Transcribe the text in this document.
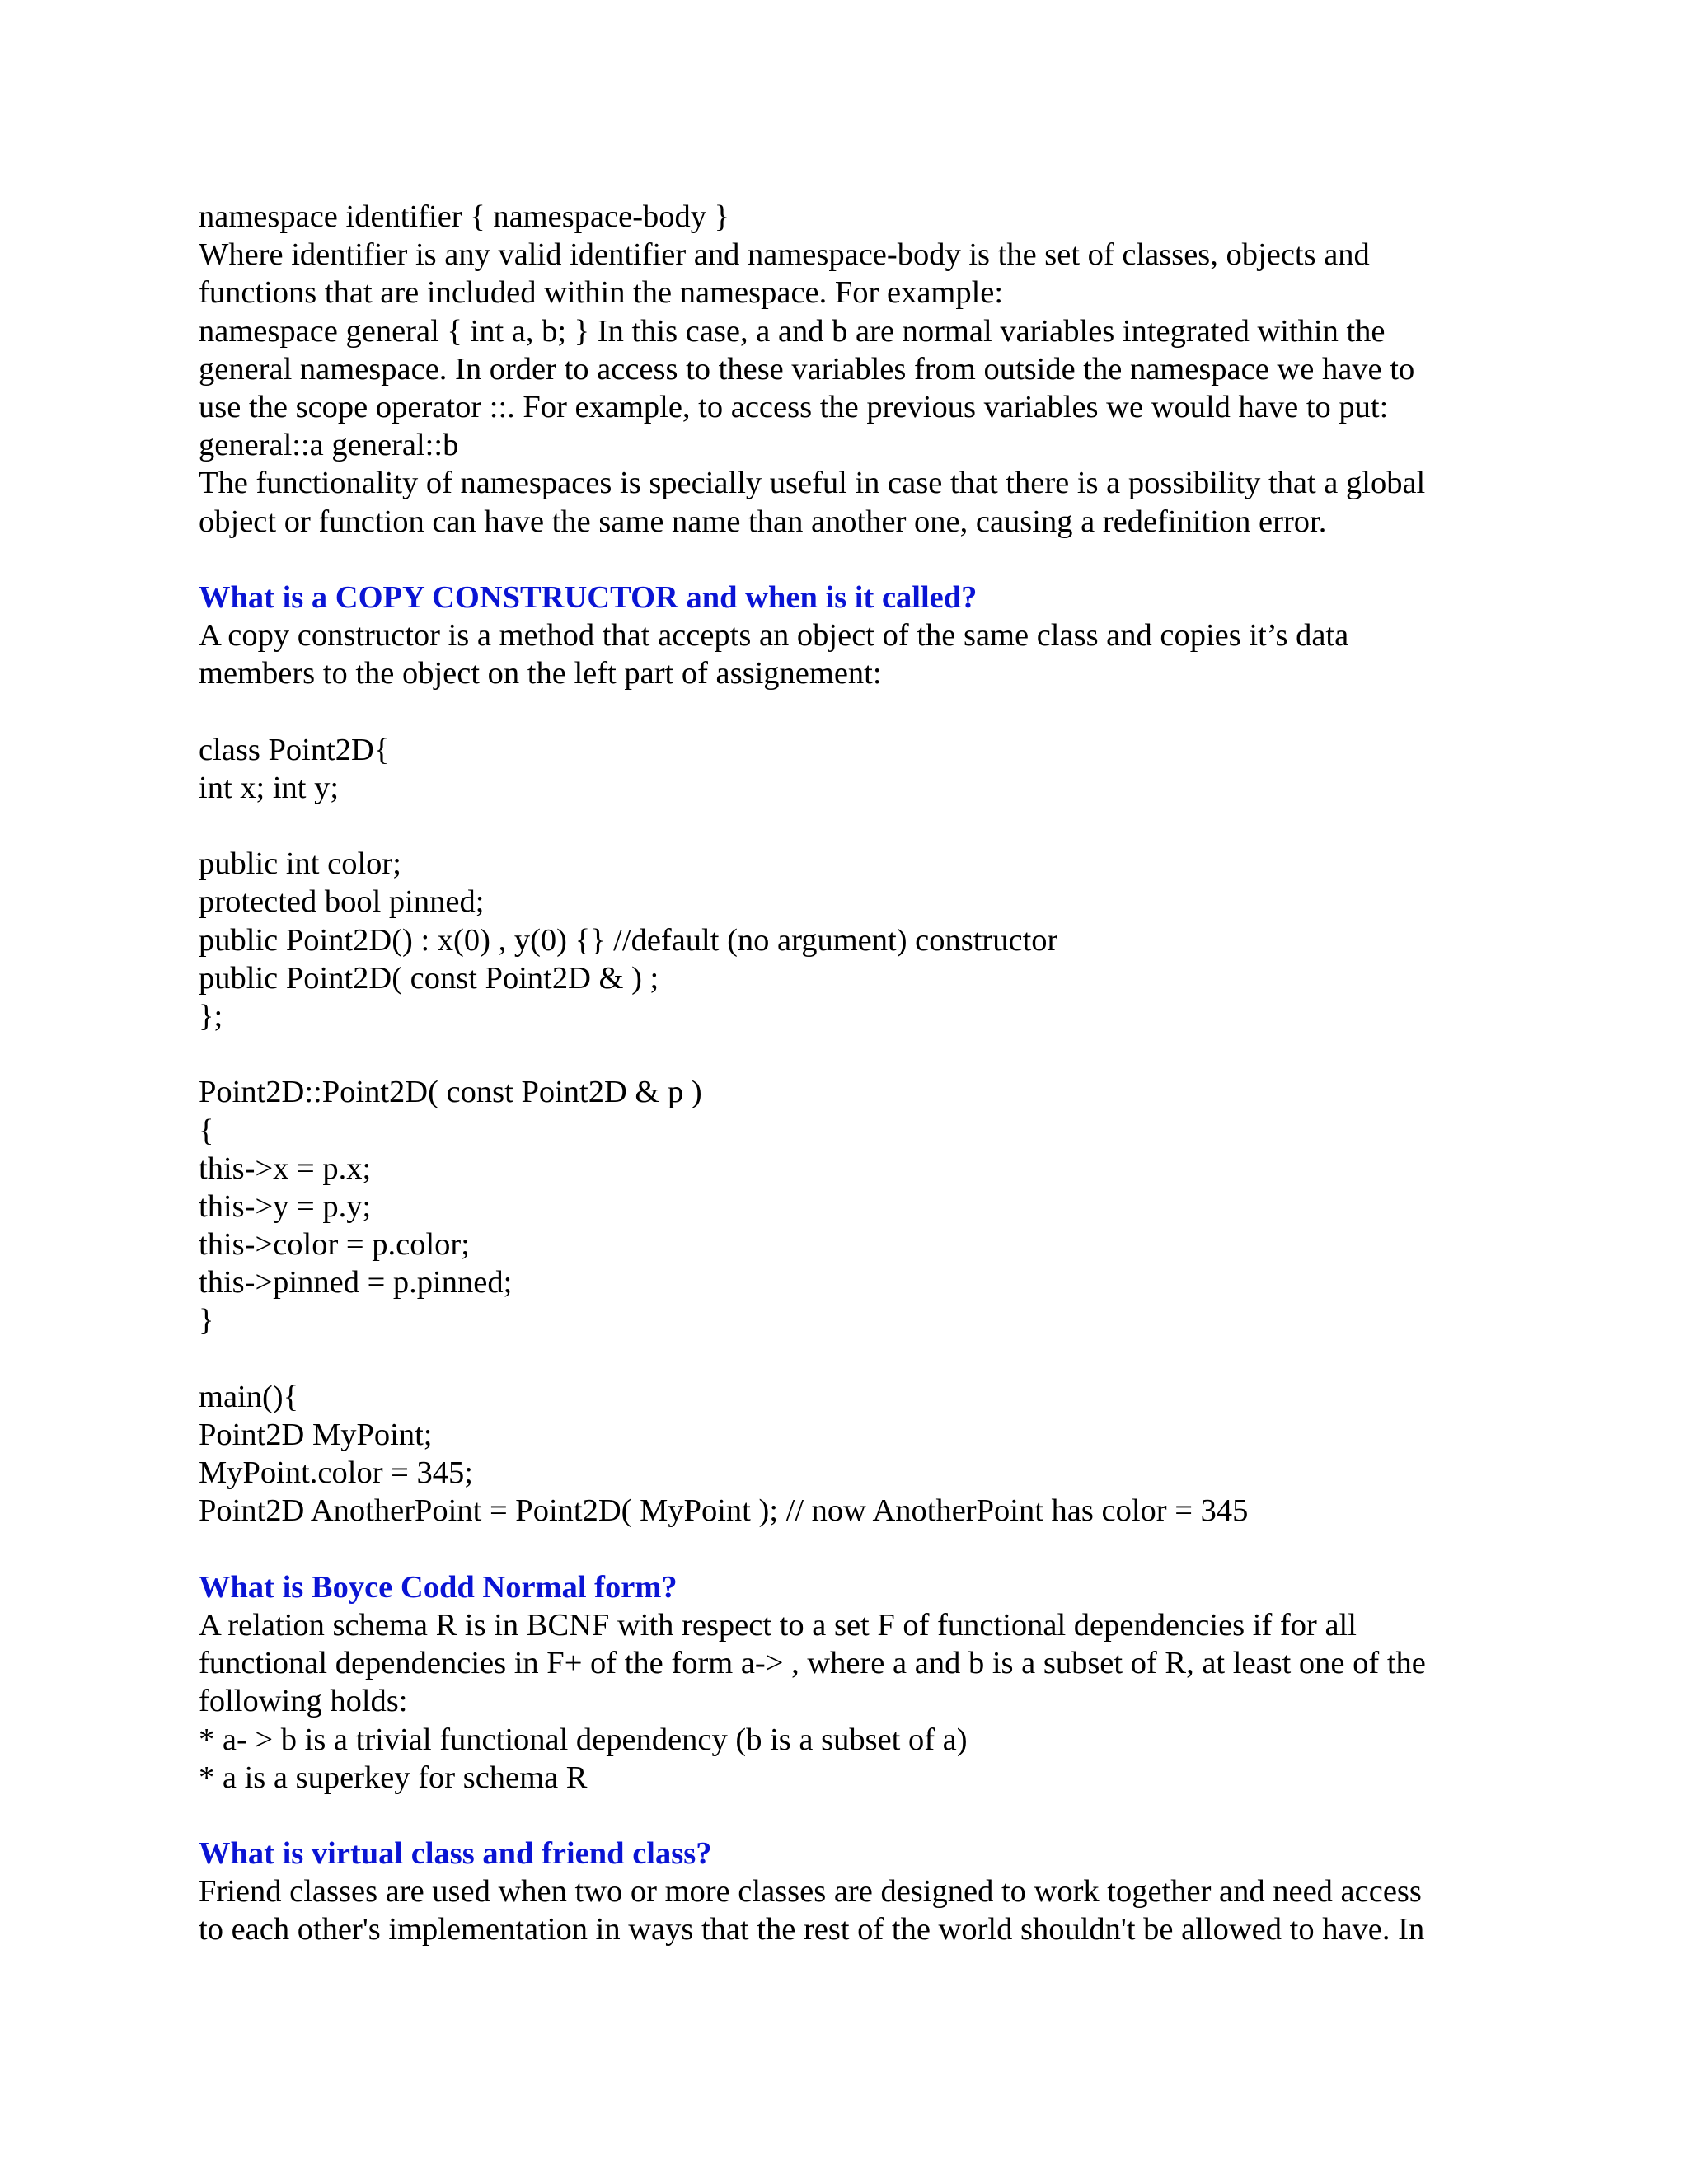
namespace identifier { namespace-body }
Where identifier is any valid identifier and namespace-body is the set of classes, objects and
functions that are included within the namespace. For example:
namespace general { int a, b; } In this case, a and b are normal variables integrated within the
general namespace. In order to access to these variables from outside the namespace we have to
use the scope operator ::. For example, to access the previous variables we would have to put:
general::a general::b
The functionality of namespaces is specially useful in case that there is a possibility that a global
object or function can have the same name than another one, causing a redefinition error.
What is a COPY CONSTRUCTOR and when is it called?
A copy constructor is a method that accepts an object of the same class and copies it’s data
members to the object on the left part of assignement:
class Point2D{
int x; int y;
public int color;
protected bool pinned;
public Point2D() : x(0) , y(0) {} //default (no argument) constructor
public Point2D( const Point2D & ) ;
};
Point2D::Point2D( const Point2D & p )
{
this->x = p.x;
this->y = p.y;
this->color = p.color;
this->pinned = p.pinned;
}
main(){
Point2D MyPoint;
MyPoint.color = 345;
Point2D AnotherPoint = Point2D( MyPoint ); // now AnotherPoint has color = 345
What is Boyce Codd Normal form?
A relation schema R is in BCNF with respect to a set F of functional dependencies if for all
functional dependencies in F+ of the form a-> , where a and b is a subset of R, at least one of the
following holds:
* a- > b is a trivial functional dependency (b is a subset of a)
* a is a superkey for schema R
What is virtual class and friend class?
Friend classes are used when two or more classes are designed to work together and need access
to each other's implementation in ways that the rest of the world shouldn't be allowed to have. In
